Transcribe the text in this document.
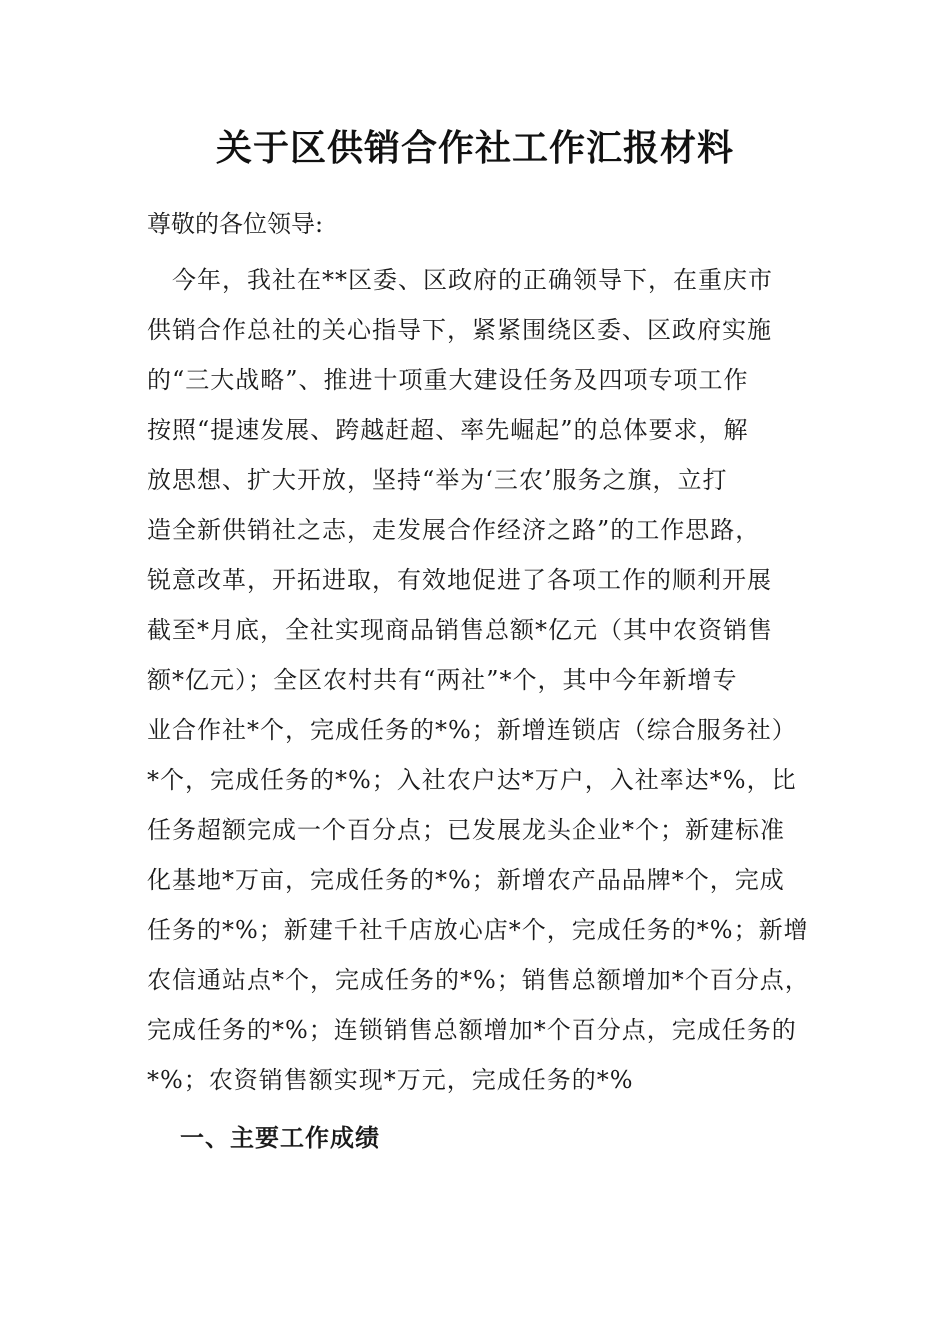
关于区供销合作社工作汇报材料
尊敬的各位领导:
　今年，我社在**区委、区政府的正确领导下，在重庆市
供销合作总社的关心指导下，紧紧围绕区委、区政府实施
的“三大战略”、推进十项重大建设任务及四项专项工作
按照“提速发展、跨越赶超、率先崛起”的总体要求，解
放思想、扩大开放，坚持“举为‘三农’服务之旗，立打
造全新供销社之志，走发展合作经济之路”的工作思路，
锐意改革，开拓进取，有效地促进了各项工作的顺利开展
截至*月底，全社实现商品销售总额*亿元（其中农资销售
额*亿元）；全区农村共有“两社”*个，其中今年新增专
业合作社*个，完成任务的*%；新增连锁店（综合服务社）
*个，完成任务的*%；入社农户达*万户，入社率达*%，比
任务超额完成一个百分点；已发展龙头企业*个；新建标准
化基地*万亩，完成任务的*%；新增农产品品牌*个，完成
任务的*%；新建千社千店放心店*个，完成任务的*%；新增
农信通站点*个，完成任务的*%；销售总额增加*个百分点，
完成任务的*%；连锁销售总额增加*个百分点，完成任务的
*%；农资销售额实现*万元，完成任务的*%
一、主要工作成绩
